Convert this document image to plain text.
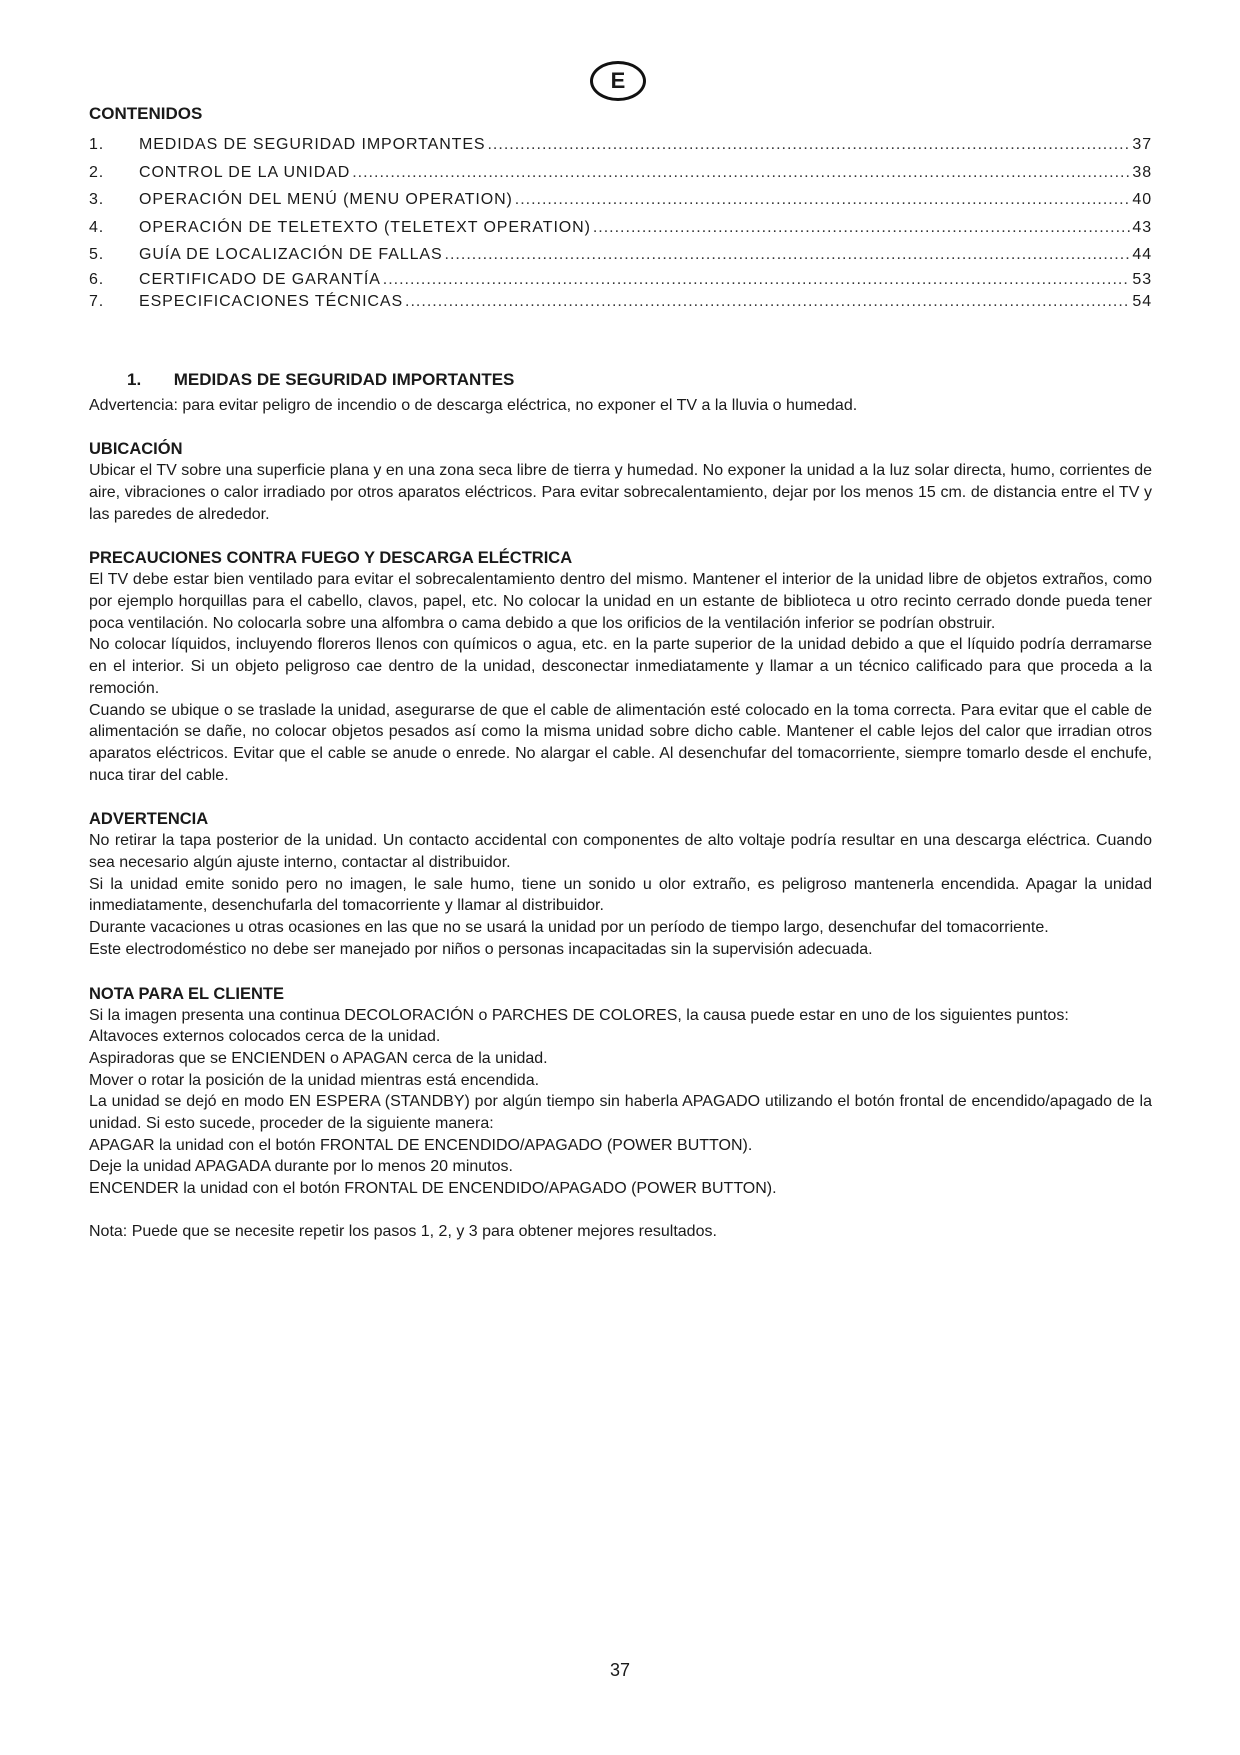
E
CONTENIDOS
1.	MEDIDAS DE SEGURIDAD IMPORTANTES .....	37
2.	CONTROL DE LA UNIDAD .....	38
3.	OPERACIÓN DEL MENÚ (MENU OPERATION) .....	40
4.	OPERACIÓN DE TELETEXTO (TELETEXT OPERATION) .....	43
5.	GUÍA DE LOCALIZACIÓN DE FALLAS .....	44
6.	CERTIFICADO DE GARANTÍA .....	53
7.	ESPECIFICACIONES TÉCNICAS .....	54
1. MEDIDAS DE SEGURIDAD IMPORTANTES

Advertencia: para evitar peligro de incendio o de descarga eléctrica, no exponer el TV a la lluvia o humedad.

UBICACIÓN

Ubicar el TV sobre una superficie plana y en una zona seca libre de tierra y humedad. No exponer la unidad a la luz solar directa, humo, corrientes de aire, vibraciones o calor irradiado por otros aparatos eléctricos. Para evitar sobrecalentamiento, dejar por los menos 15 cm. de distancia entre el TV y las paredes de alrededor.

PRECAUCIONES CONTRA FUEGO Y DESCARGA ELÉCTRICA

El TV debe estar bien ventilado para evitar el sobrecalentamiento dentro del mismo. Mantener el interior de la unidad libre de objetos extraños, como por ejemplo horquillas para el cabello, clavos, papel, etc. No colocar la unidad en un estante de biblioteca u otro recinto cerrado donde pueda tener poca ventilación. No colocarla sobre una alfombra o cama debido a que los orificios de la ventilación inferior se podrían obstruir.

No colocar líquidos, incluyendo floreros llenos con químicos o agua, etc. en la parte superior de la unidad debido a que el líquido podría derramarse en el interior. Si un objeto peligroso cae dentro de la unidad, desconectar inmediatamente y llamar a un técnico calificado para que proceda a la remoción.

Cuando se ubique o se traslade la unidad, asegurarse de que el cable de alimentación esté colocado en la toma correcta. Para evitar que el cable de alimentación se dañe, no colocar objetos pesados así como la misma unidad sobre dicho cable. Mantener el cable lejos del calor que irradian otros aparatos eléctricos. Evitar que el cable se anude o enrede. No alargar el cable. Al desenchufar del tomacorriente, siempre tomarlo desde el enchufe, nuca tirar del cable.

ADVERTENCIA

No retirar la tapa posterior de la unidad. Un contacto accidental con componentes de alto voltaje podría resultar en una descarga eléctrica. Cuando sea necesario algún ajuste interno, contactar al distribuidor.

Si la unidad emite sonido pero no imagen, le sale humo, tiene un sonido u olor extraño, es peligroso mantenerla encendida. Apagar la unidad inmediatamente, desenchufarla del tomacorriente y llamar al distribuidor.

Durante vacaciones u otras ocasiones en las que no se usará la unidad por un período de tiempo largo, desenchufar del tomacorriente.

Este electrodoméstico no debe ser manejado por niños o personas incapacitadas sin la supervisión adecuada.

NOTA PARA EL CLIENTE

Si la imagen presenta una continua DECOLORACIÓN o PARCHES DE COLORES, la causa puede estar en uno de los siguientes puntos:

Altavoces externos colocados cerca de la unidad.

Aspiradoras que se ENCIENDEN o APAGAN cerca de la unidad.

Mover o rotar la posición de la unidad mientras está encendida.

La unidad se dejó en modo EN ESPERA (STANDBY) por algún tiempo sin haberla APAGADO utilizando el botón frontal de encendido/apagado de la unidad. Si esto sucede, proceder de la siguiente manera:

APAGAR la unidad con el botón FRONTAL DE ENCENDIDO/APAGADO (POWER BUTTON).

Deje la unidad APAGADA durante por lo menos 20 minutos.

ENCENDER la unidad con el botón FRONTAL DE ENCENDIDO/APAGADO (POWER BUTTON).

Nota: Puede que se necesite repetir los pasos 1, 2, y 3 para obtener mejores resultados.

37
